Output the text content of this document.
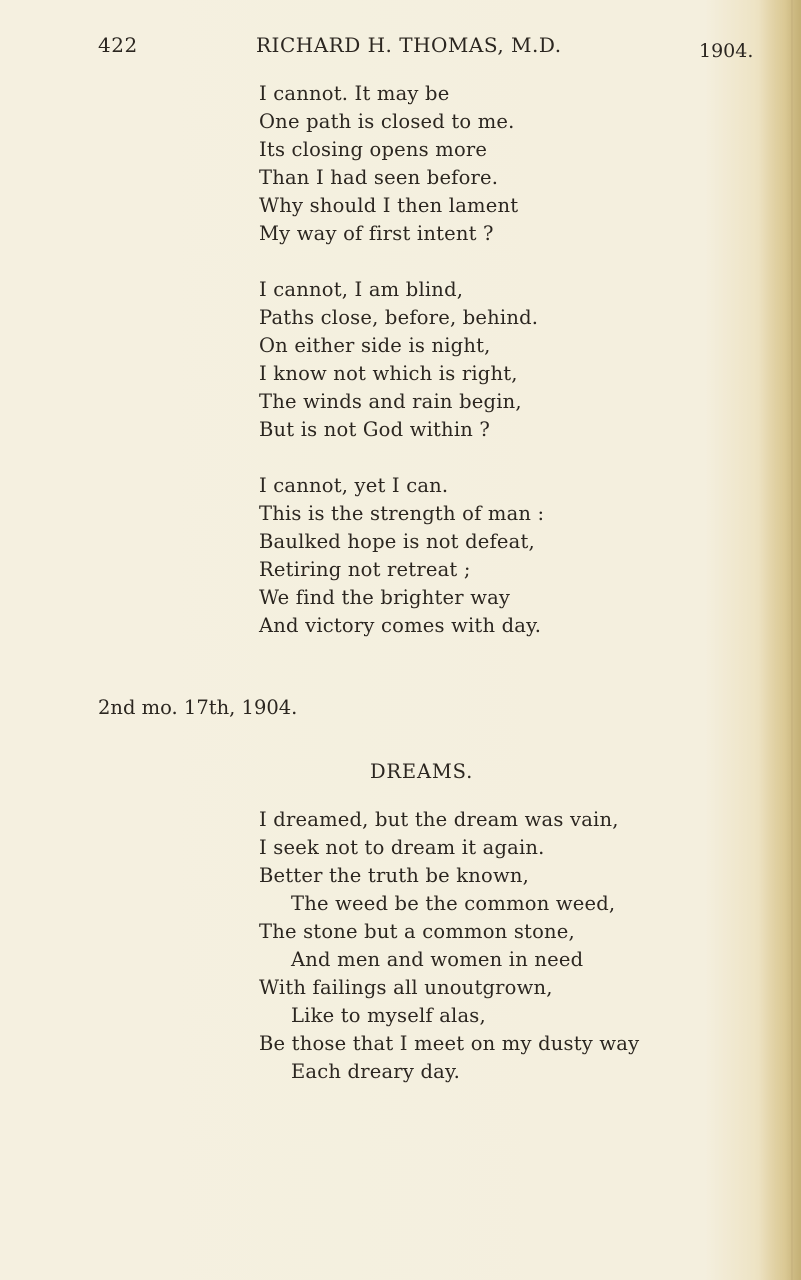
422	RICHARD H. THOMAS, M.D.	1904.
I cannot. It may be
One path is closed to me.
Its closing opens more
Than I had seen before.
Why should I then lament
My way of first intent ?
I cannot, I am blind,
Paths close, before, behind.
On either side is night,
I know not which is right,
The winds and rain begin,
But is not God within ?
I cannot, yet I can.
This is the strength of man :
Baulked hope is not defeat,
Retiring not retreat ;
We find the brighter way
And victory comes with day.
2nd mo. 17th, 1904.
DREAMS.
I dreamed, but the dream was vain,
I seek not to dream it again.
Better the truth be known,
The weed be the common weed,
The stone but a common stone,
And men and women in need
With failings all unoutgrown,
Like to myself alas,
Be those that I meet on my dusty way
Each dreary day.
